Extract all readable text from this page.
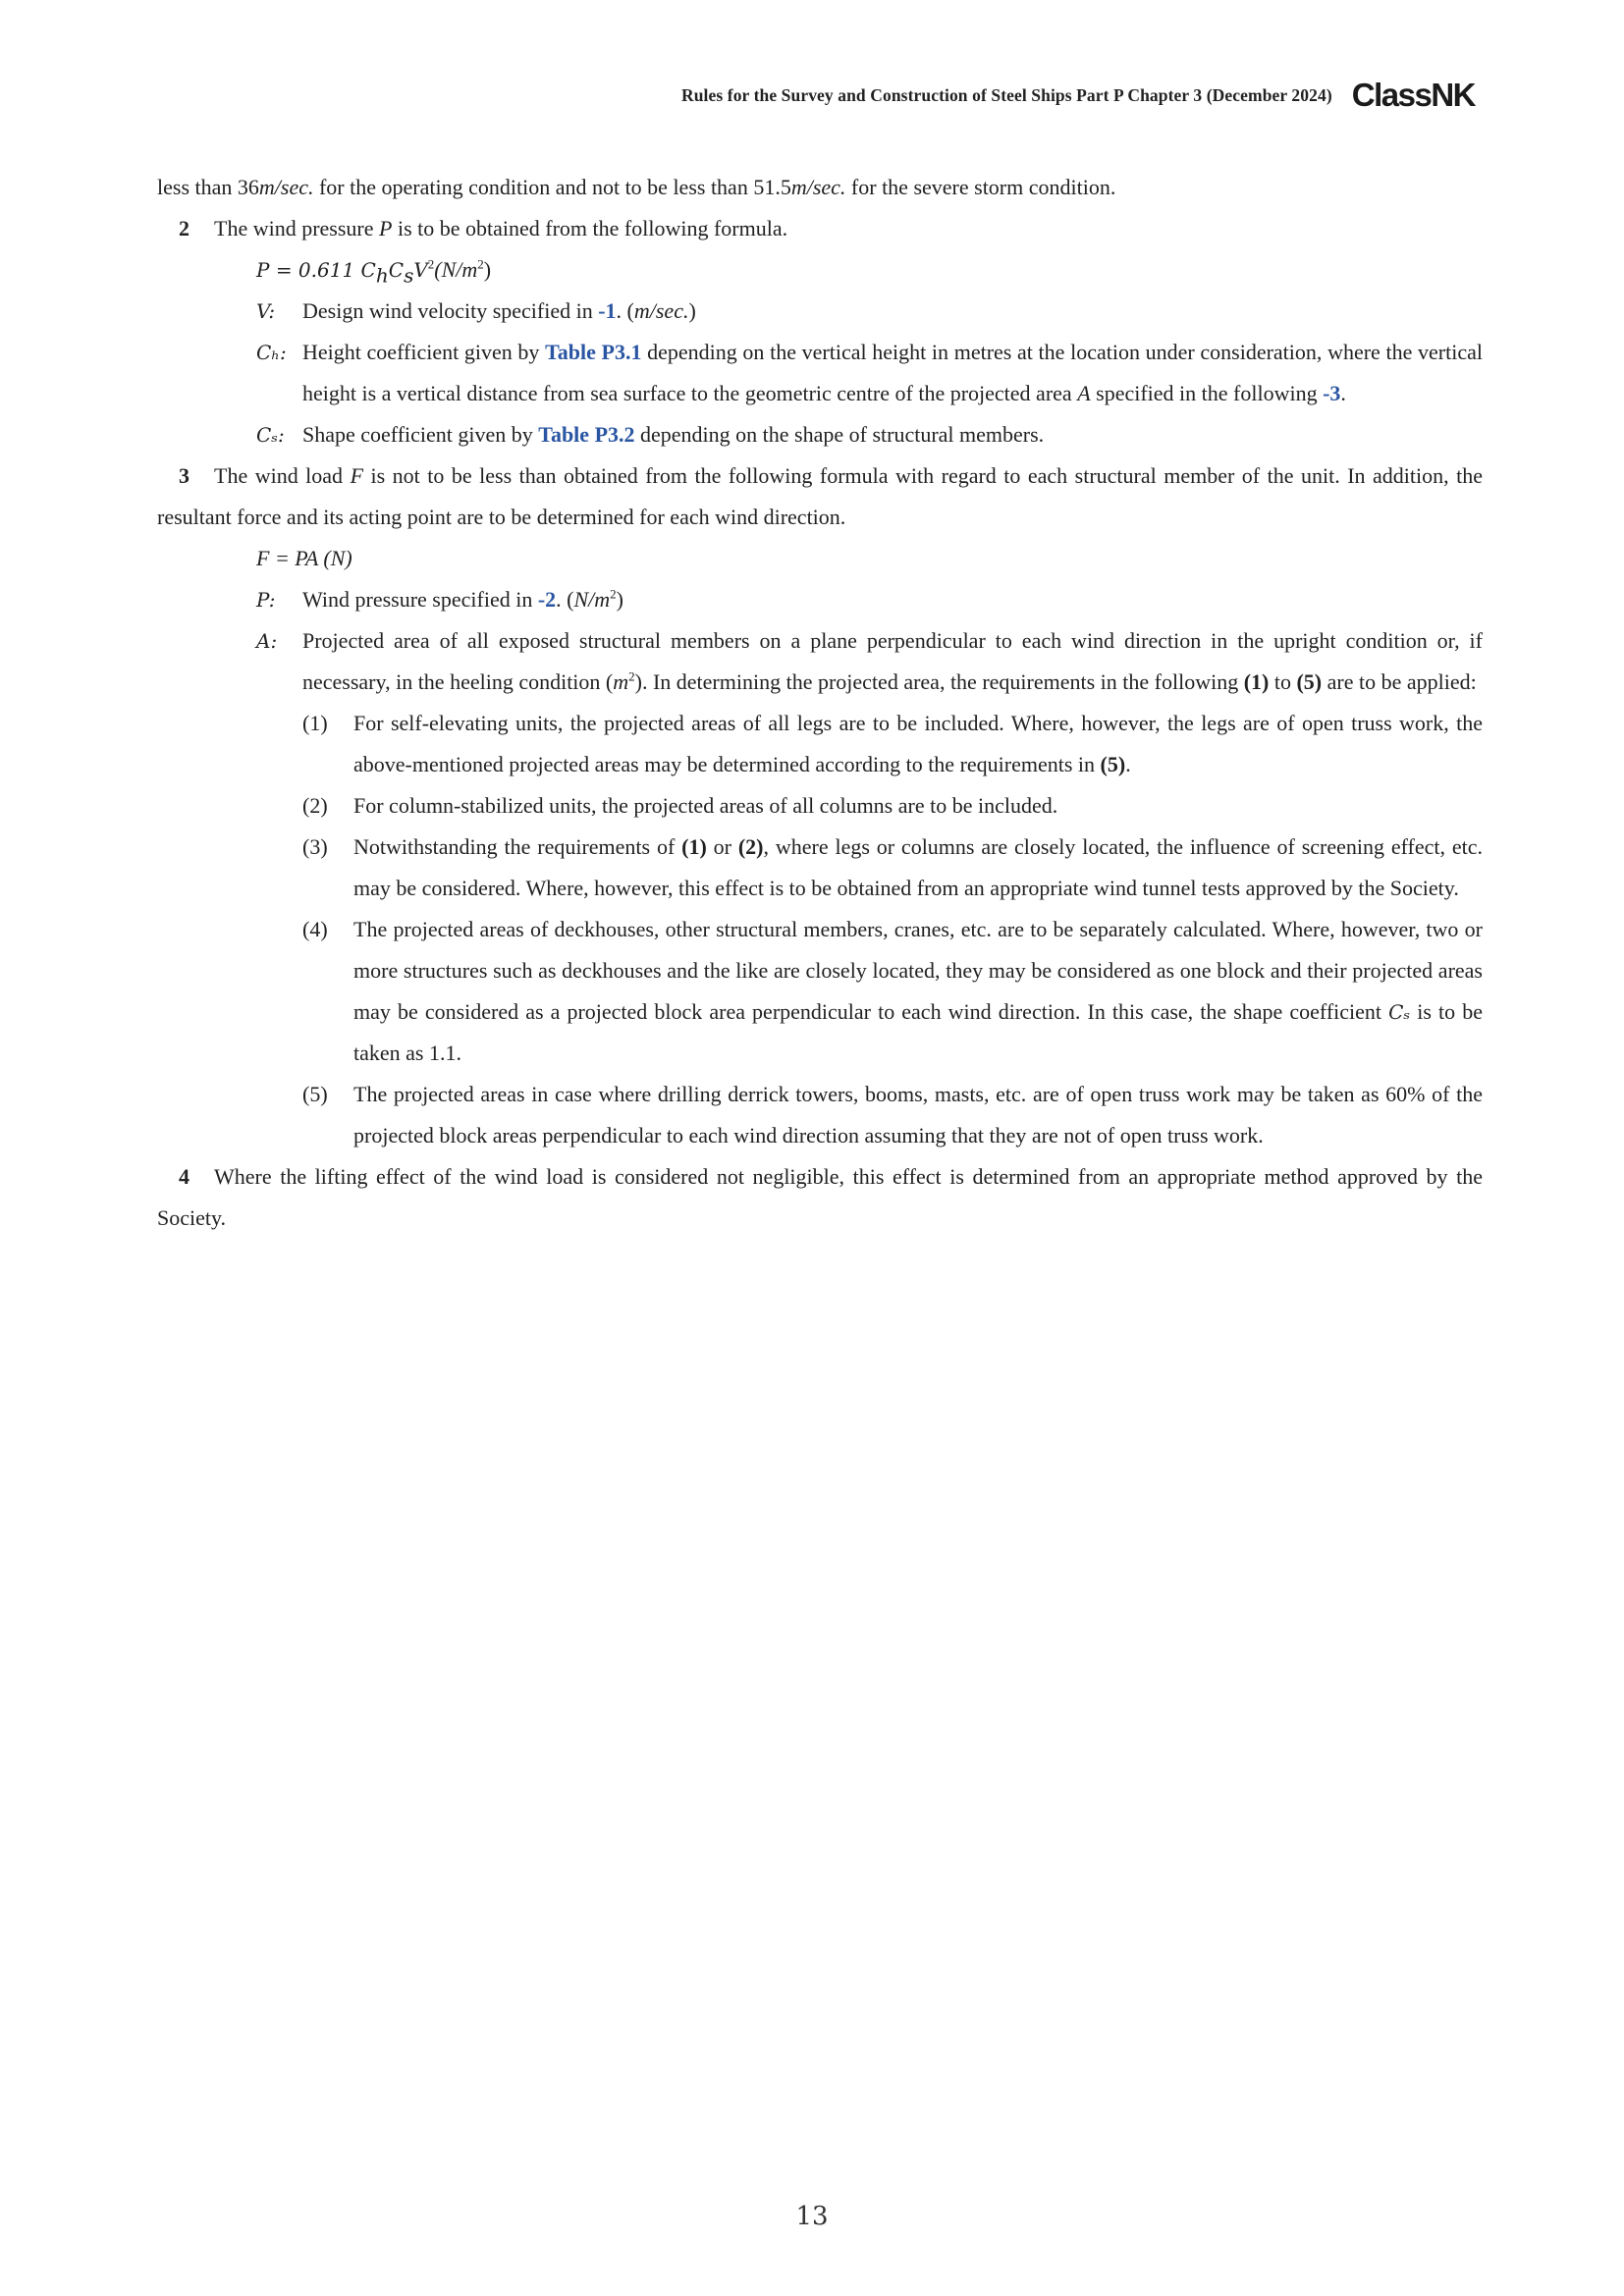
Rules for the Survey and Construction of Steel Ships Part P Chapter 3 (December 2024) ClassNK

less than 36m/sec. for the operating condition and not to be less than 51.5m/sec. for the severe storm condition.

2 The wind pressure P is to be obtained from the following formula.

P = 0.611 $C_hC_sV^2(N/m^2)$

V:	Design wind velocity specified in -1. (m/sec.)
Cₕ: Height coefficient given by Table P3.1 depending on the vertical height in metres at the location under consideration, where the vertical height is a vertical distance from sea surface to the geometric centre of the projected area A specified in the following -3.
Cₛ: Shape coefficient given by Table P3.2 depending on the shape of structural members.

3 The wind load F is not to be less than obtained from the following formula with regard to each structural member of the unit. In addition, the resultant force and its acting point are to be determined for each wind direction.

F = PA (N)

P:	Wind pressure specified in -2. $(N/m^2)$
A:	Projected area of all exposed structural members on a plane perpendicular to each wind direction in the upright condition or, if necessary, in the heeling condition $(m^2)$. In determining the projected area, the requirements in the following (1) to (5) are to be applied:
(1)	For self-elevating units, the projected areas of all legs are to be included. Where, however, the legs are of open truss work, the above-mentioned projected areas may be determined according to the requirements in (5).
(2)	For column-stabilized units, the projected areas of all columns are to be included.
(3)	Notwithstanding the requirements of (1) or (2), where legs or columns are closely located, the influence of screening effect, etc. may be considered. Where, however, this effect is to be obtained from an appropriate wind tunnel tests approved by the Society.
(4)	The projected areas of deckhouses, other structural members, cranes, etc. are to be separately calculated. Where, however, two or more structures such as deckhouses and the like are closely located, they may be considered as one block and their projected areas may be considered as a projected block area perpendicular to each wind direction. In this case, the shape coefficient Cₛ is to be taken as 1.1.
(5)	The projected areas in case where drilling derrick towers, booms, masts, etc. are of open truss work may be taken as 60% of the projected block areas perpendicular to each wind direction assuming that they are not of open truss work.

4 Where the lifting effect of the wind load is considered not negligible, this effect is determined from an appropriate method approved by the Society.

13
